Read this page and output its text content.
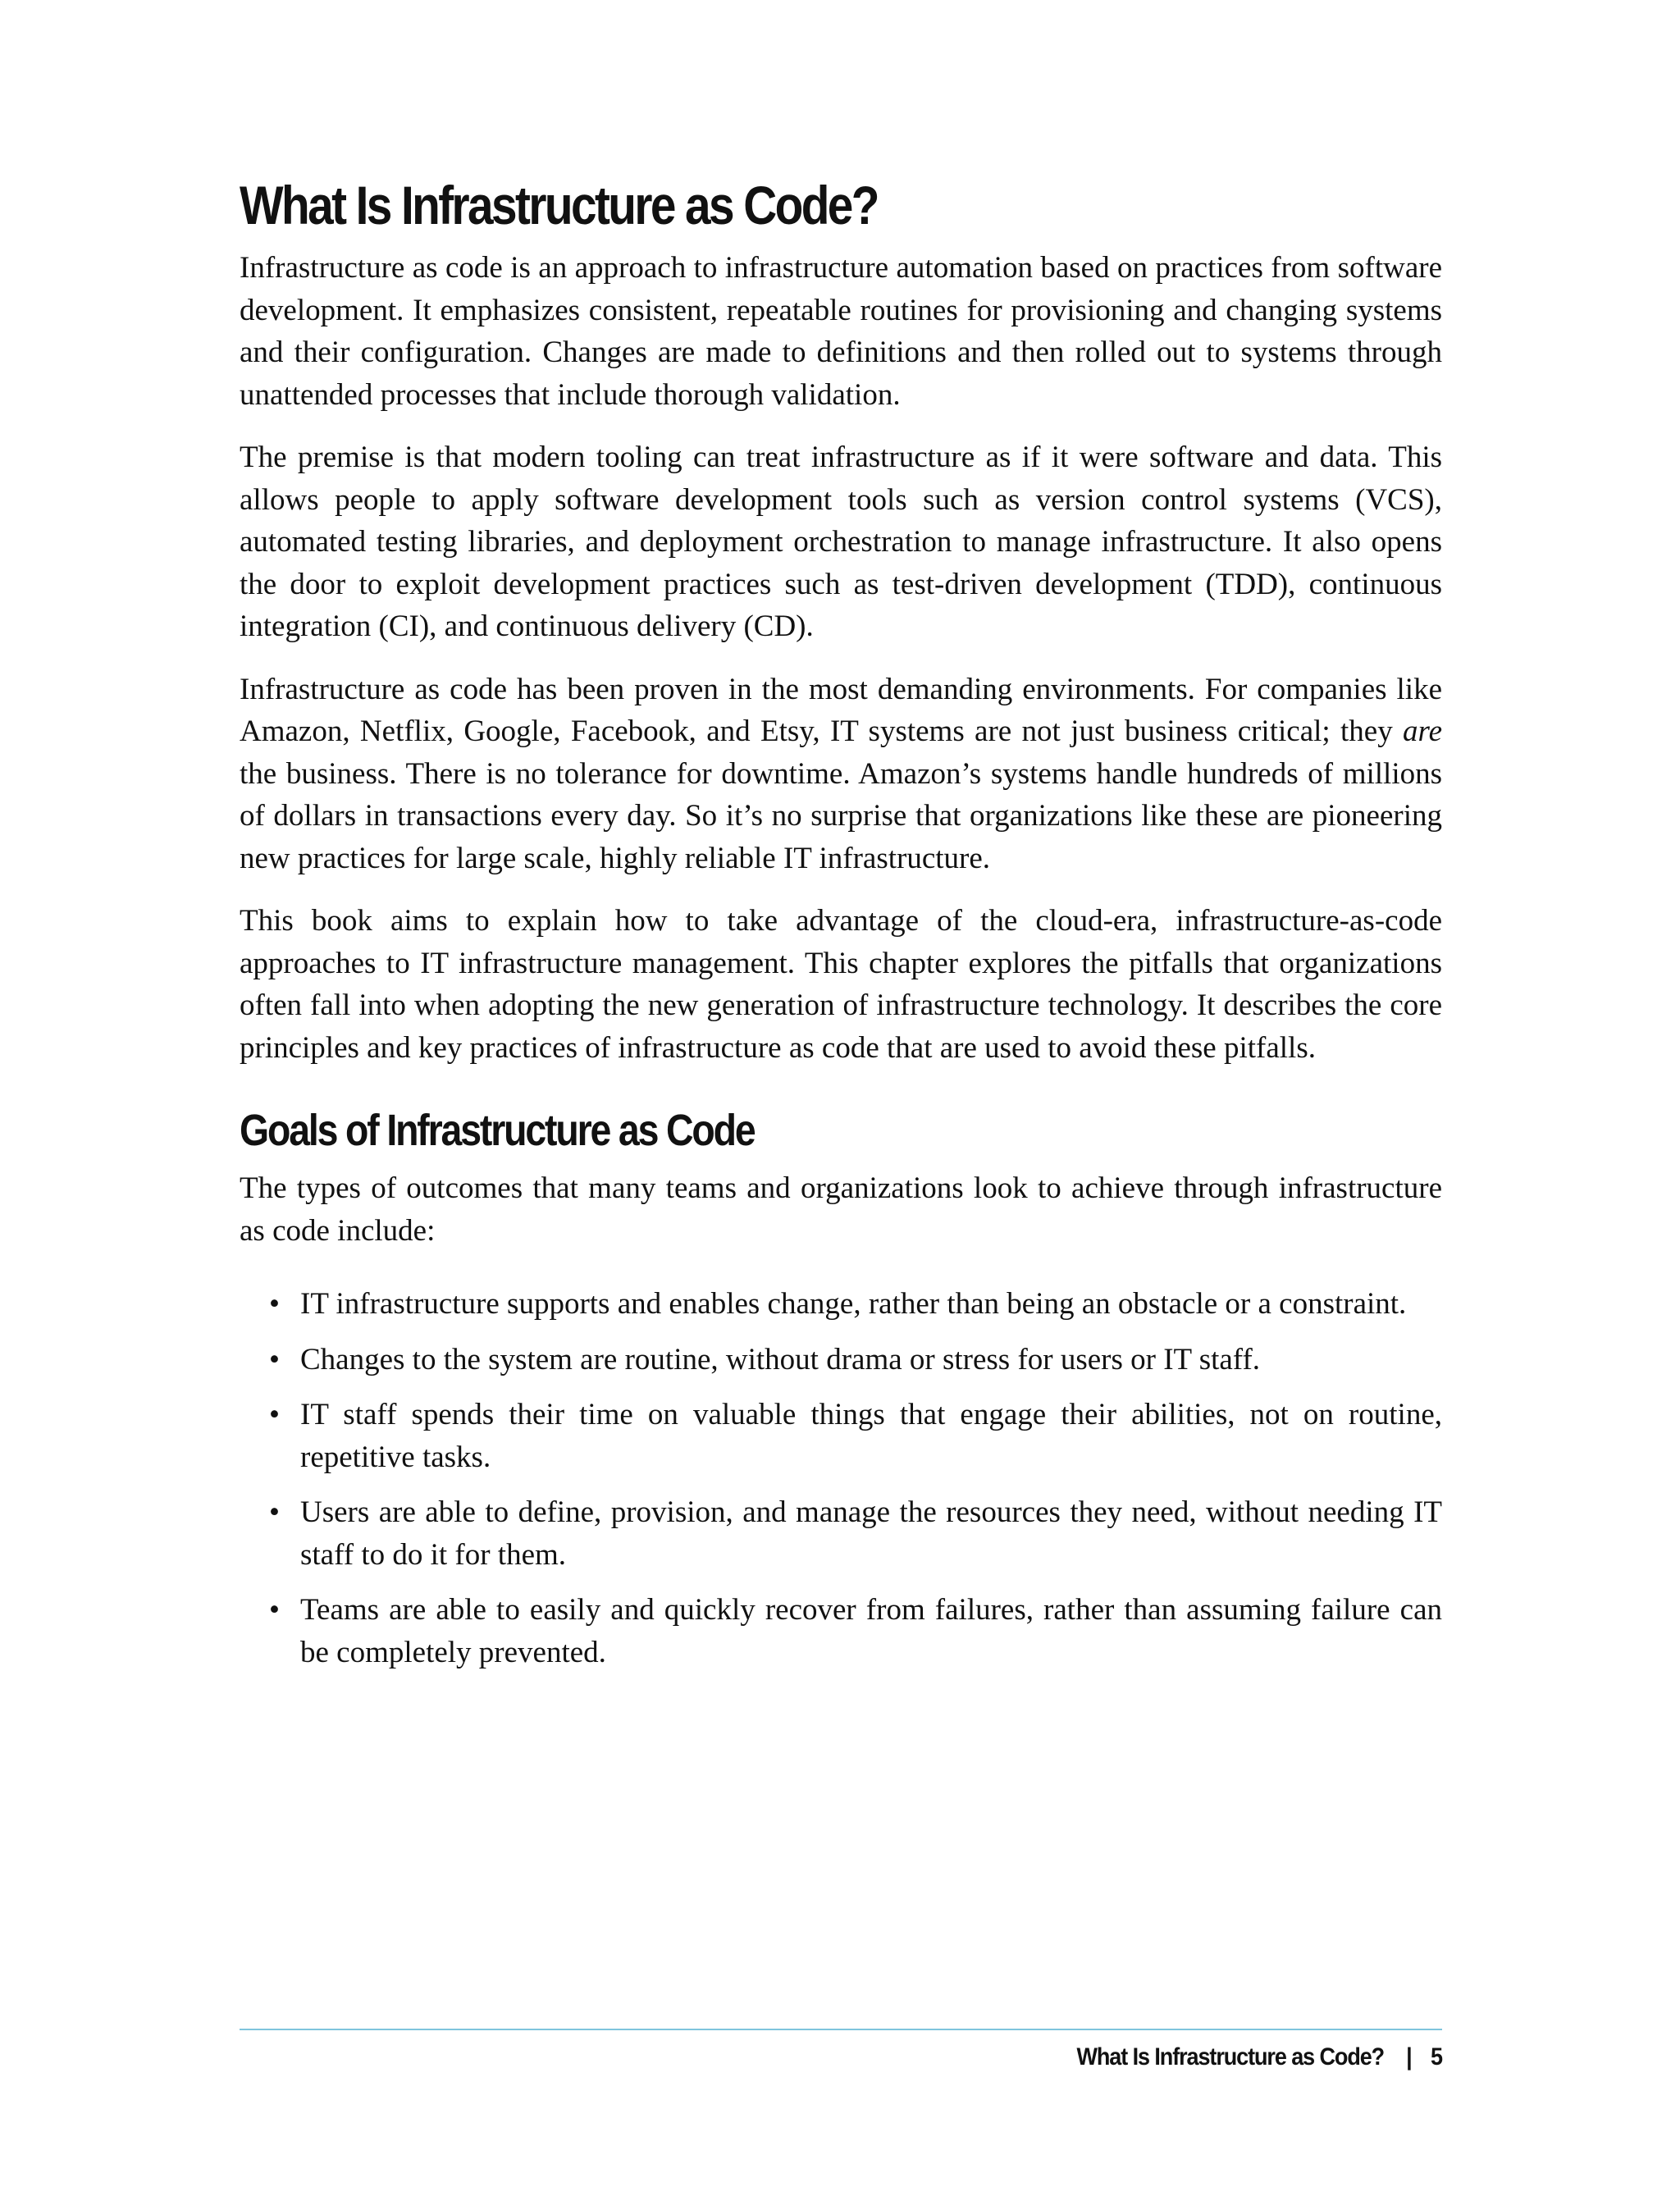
What Is Infrastructure as Code?

Infrastructure as code is an approach to infrastructure automation based on practices from software development. It emphasizes consistent, repeatable routines for provisioning and changing systems and their configuration. Changes are made to definitions and then rolled out to systems through unattended processes that include thorough validation.

The premise is that modern tooling can treat infrastructure as if it were software and data. This allows people to apply software development tools such as version control systems (VCS), automated testing libraries, and deployment orchestration to manage infrastructure. It also opens the door to exploit development practices such as test-driven development (TDD), continuous integration (CI), and continuous delivery (CD).

Infrastructure as code has been proven in the most demanding environments. For companies like Amazon, Netflix, Google, Facebook, and Etsy, IT systems are not just business critical; they are the business. There is no tolerance for downtime. Amazon’s systems handle hundreds of millions of dollars in transactions every day. So it’s no surprise that organizations like these are pioneering new practices for large scale, highly reliable IT infrastructure.

This book aims to explain how to take advantage of the cloud-era, infrastructure-as-code approaches to IT infrastructure management. This chapter explores the pitfalls that organizations often fall into when adopting the new generation of infrastructure technology. It describes the core principles and key practices of infrastructure as code that are used to avoid these pitfalls.

Goals of Infrastructure as Code

The types of outcomes that many teams and organizations look to achieve through infrastructure as code include:

• IT infrastructure supports and enables change, rather than being an obstacle or a constraint.
• Changes to the system are routine, without drama or stress for users or IT staff.
• IT staff spends their time on valuable things that engage their abilities, not on routine, repetitive tasks.
• Users are able to define, provision, and manage the resources they need, without needing IT staff to do it for them.
• Teams are able to easily and quickly recover from failures, rather than assuming failure can be completely prevented.
What Is Infrastructure as Code? | 5
